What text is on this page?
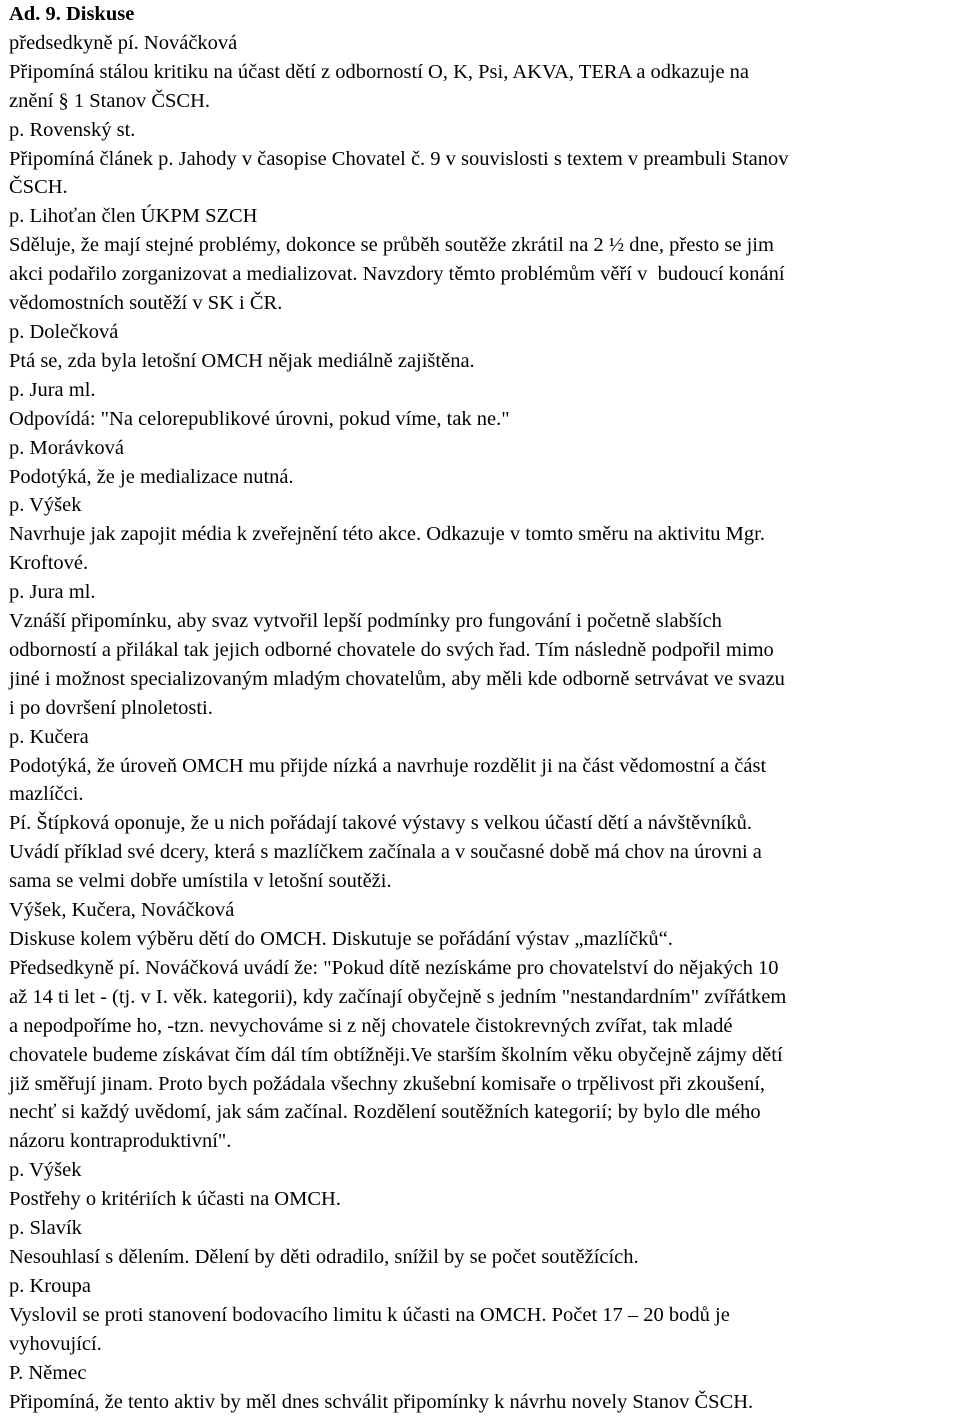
Ad. 9. Diskuse

předsedkyně pí. Nováčková

Připomíná stálou kritiku na účast dětí z odborností O, K, Psi, AKVA, TERA a odkazuje na

znění § 1 Stanov ČSCH.

p. Rovenský st.

Připomíná článek p. Jahody v časopise Chovatel č. 9 v souvislosti s textem v preambuli Stanov

ČSCH.

p. Lihoťan člen ÚKPM SZCH

Sděluje, že mají stejné problémy, dokonce se průběh soutěže zkrátil na 2 ½ dne, přesto se jim

akci podařilo zorganizovat a medializovat. Navzdory těmto problémům věří v  budoucí konání

vědomostních soutěží v SK i ČR.

p. Dolečková

Ptá se, zda byla letošní OMCH nějak mediálně zajištěna.

p. Jura ml.

Odpovídá: "Na celorepublikové úrovni, pokud víme, tak ne."

p. Morávková

Podotýká, že je medializace nutná.

p. Výšek

Navrhuje jak zapojit média k zveřejnění této akce. Odkazuje v tomto směru na aktivitu Mgr.

Kroftové.

p. Jura ml.

Vznáší připomínku, aby svaz vytvořil lepší podmínky pro fungování i početně slabších

odborností a přilákal tak jejich odborné chovatele do svých řad. Tím následně podpořil mimo

jiné i možnost specializovaným mladým chovatelům, aby měli kde odborně setrvávat ve svazu

i po dovršení plnoletosti.

p. Kučera

Podotýká, že úroveň OMCH mu přijde nízká a navrhuje rozdělit ji na část vědomostní a část

mazlíčci.

Pí. Štípková oponuje, že u nich pořádají takové výstavy s velkou účastí dětí a návštěvníků.

Uvádí příklad své dcery, která s mazlíčkem začínala a v současné době má chov na úrovni a

sama se velmi dobře umístila v letošní soutěži.

Výšek, Kučera, Nováčková

Diskuse kolem výběru dětí do OMCH. Diskutuje se pořádání výstav „mazlíčků“.

Předsedkyně pí. Nováčková uvádí že: "Pokud dítě nezískáme pro chovatelství do nějakých 10

až 14 ti let - (tj. v I. věk. kategorii), kdy začínají obyčejně s jedním "nestandardním" zvířátkem

a nepodpoříme ho, -tzn. nevychováme si z něj chovatele čistokrevných zvířat, tak mladé

chovatele budeme získávat čím dál tím obtížněji.Ve starším školním věku obyčejně zájmy dětí

již směřují jinam. Proto bych požádala všechny zkušební komisaře o trpělivost při zkoušení,

nechť si každý uvědomí, jak sám začínal. Rozdělení soutěžních kategorií; by bylo dle mého

názoru kontraproduktivní".

p. Výšek

Postřehy o kritériích k účasti na OMCH.

p. Slavík

Nesouhlasí s dělením. Dělení by děti odradilo, snížil by se počet soutěžících.

p. Kroupa

Vyslovil se proti stanovení bodovacího limitu k účasti na OMCH. Počet 17 – 20 bodů je

vyhovující.

P. Němec

Připomíná, že tento aktiv by měl dnes schválit připomínky k návrhu novely Stanov ČSCH.
